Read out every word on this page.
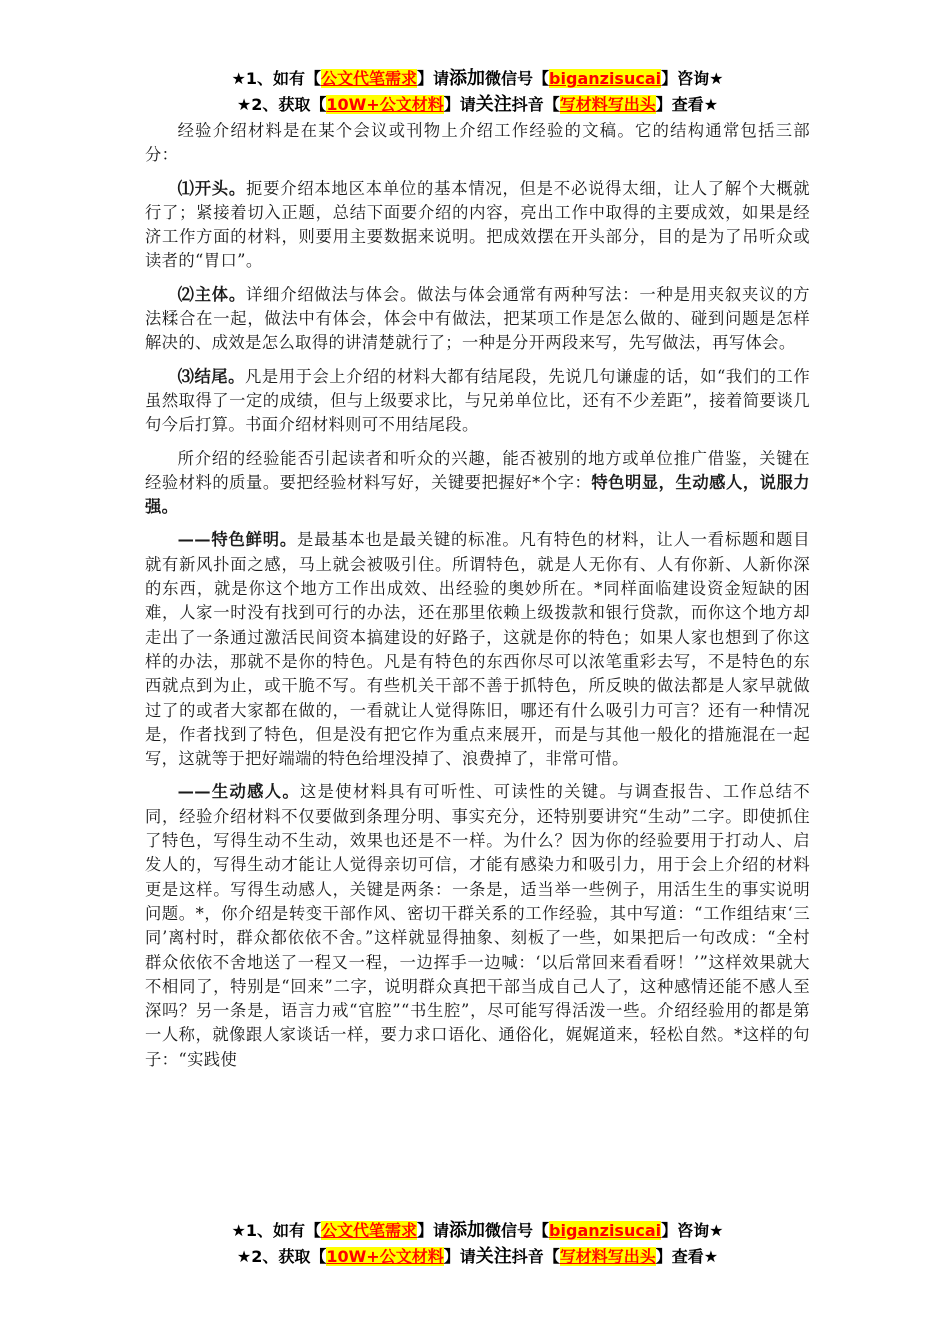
★1、如有【公文代笔需求】请添加微信号【biganzisucai】咨询★
★2、获取【10W+公文材料】请关注抖音【写材料写出头】查看★

经验介绍材料是在某个会议或刊物上介绍工作经验的文稿。它的结构通常包括三部分：

⑴开头。扼要介绍本地区本单位的基本情况，但是不必说得太细，让人了解个大概就行了；紧接着切入正题，总结下面要介绍的内容，亮出工作中取得的主要成效，如果是经济工作方面的材料，则要用主要数据来说明。把成效摆在开头部分，目的是为了吊听众或读者的“胃口”。

⑵主体。详细介绍做法与体会。做法与体会通常有两种写法：一种是用夹叙夹议的方法糅合在一起，做法中有体会，体会中有做法，把某项工作是怎么做的、碰到问题是怎样解决的、成效是怎么取得的讲清楚就行了；一种是分开两段来写，先写做法，再写体会。

⑶结尾。凡是用于会上介绍的材料大都有结尾段，先说几句谦虚的话，如“我们的工作虽然取得了一定的成绩，但与上级要求比，与兄弟单位比，还有不少差距”，接着简要谈几句今后打算。书面介绍材料则可不用结尾段。

所介绍的经验能否引起读者和听众的兴趣，能否被别的地方或单位推广借鉴，关键在经验材料的质量。要把经验材料写好，关键要把握好*个字：特色明显，生动感人，说服力强。

——特色鲜明。是最基本也是最关键的标准。凡有特色的材料，让人一看标题和题目就有新风扑面之感，马上就会被吸引住。所谓特色，就是人无你有、人有你新、人新你深的东西，就是你这个地方工作出成效、出经验的奥妙所在。*同样面临建设资金短缺的困难，人家一时没有找到可行的办法，还在那里依赖上级拨款和银行贷款，而你这个地方却走出了一条通过激活民间资本搞建设的好路子，这就是你的特色；如果人家也想到了你这样的办法，那就不是你的特色。凡是有特色的东西你尽可以浓笔重彩去写，不是特色的东西就点到为止，或干脆不写。有些机关干部不善于抓特色，所反映的做法都是人家早就做过了的或者大家都在做的，一看就让人觉得陈旧，哪还有什么吸引力可言？还有一种情况是，作者找到了特色，但是没有把它作为重点来展开，而是与其他一般化的措施混在一起写，这就等于把好端端的特色给埋没掉了、浪费掉了，非常可惜。

——生动感人。这是使材料具有可听性、可读性的关键。与调查报告、工作总结不同，经验介绍材料不仅要做到条理分明、事实充分，还特别要讲究“生动”二字。即使抓住了特色，写得生动不生动，效果也还是不一样。为什么？因为你的经验要用于打动人、启发人的，写得生动才能让人觉得亲切可信，才能有感染力和吸引力，用于会上介绍的材料更是这样。写得生动感人，关键是两条：一条是，适当举一些例子，用活生生的事实说明问题。*，你介绍是转变干部作风、密切干群关系的工作经验，其中写道：“工作组结束‘三同’离村时，群众都依依不舍。”这样就显得抽象、刻板了一些，如果把后一句改成：“全村群众依依不舍地送了一程又一程，一边挥手一边喊：‘以后常回来看看呀！’”这样效果就大不相同了，特别是“回来”二字，说明群众真把干部当成自己人了，这种感情还能不感人至深吗？另一条是，语言力戒“官腔”“书生腔”，尽可能写得活泼一些。介绍经验用的都是第一人称，就像跟人家谈话一样，要力求口语化、通俗化，娓娓道来，轻松自然。*这样的句子：“实践使

★1、如有【公文代笔需求】请添加微信号【biganzisucai】咨询★
★2、获取【10W+公文材料】请关注抖音【写材料写出头】查看★
